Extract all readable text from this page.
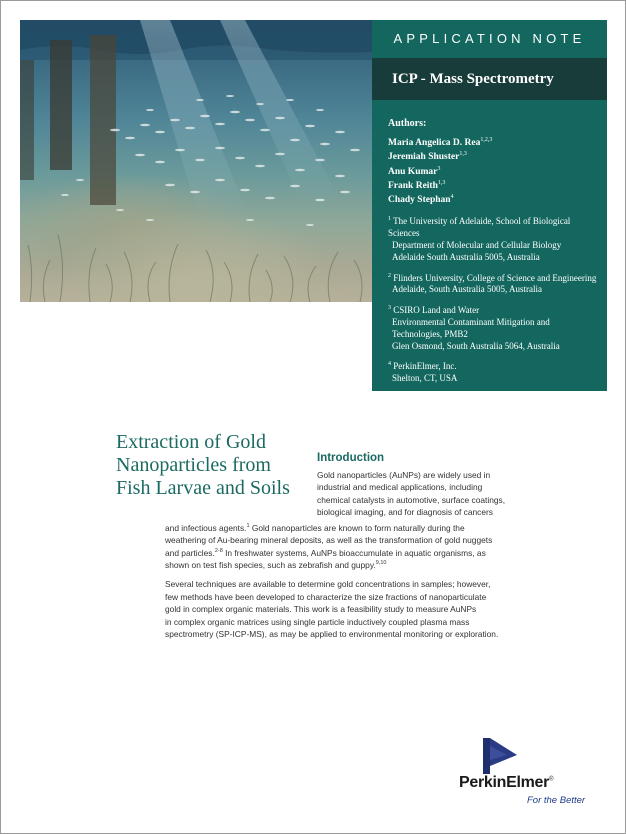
APPLICATION NOTE
ICP - Mass Spectrometry
Authors:
Maria Angelica D. Rea$^{1,2,3}$
Jeremiah Shuster$^{1,3}$
Anu Kumar$^3$
Frank Reith$^{1,3}$
Chady Stephan$^4$
$^1$ The University of Adelaide, School of Biological Sciences
Department of Molecular and Cellular Biology
Adelaide South Australia 5005, Australia
$^2$ Flinders University, College of Science and Engineering
Adelaide, South Australia 5005, Australia
$^3$ CSIRO Land and Water
Environmental Contaminant Mitigation and
Technologies, PMB2
Glen Osmond, South Australia 5064, Australia
$^4$ PerkinElmer, Inc.
Shelton, CT, USA
Extraction of Gold
Nanoparticles from
Fish Larvae and Soils
Introduction
Gold nanoparticles (AuNPs) are widely used in
industrial and medical applications, including
chemical catalysts in automotive, surface coatings,
biological imaging, and for diagnosis of cancers
and infectious agents.$^1$ Gold nanoparticles are known to form naturally during the
weathering of Au-bearing mineral deposits, as well as the transformation of gold nuggets
and particles.$^{2-8}$ In freshwater systems, AuNPs bioaccumulate in aquatic organisms, as
shown on test fish species, such as zebrafish and guppy.$^{9,10}$
Several techniques are available to determine gold concentrations in samples; however,
few methods have been developed to characterize the size fractions of nanoparticulate
gold in complex organic materials. This work is a feasibility study to measure AuNPs
in complex organic matrices using single particle inductively coupled plasma mass
spectrometry (SP-ICP-MS), as may be applied to environmental monitoring or exploration.
PerkinElmer®
For the Better
